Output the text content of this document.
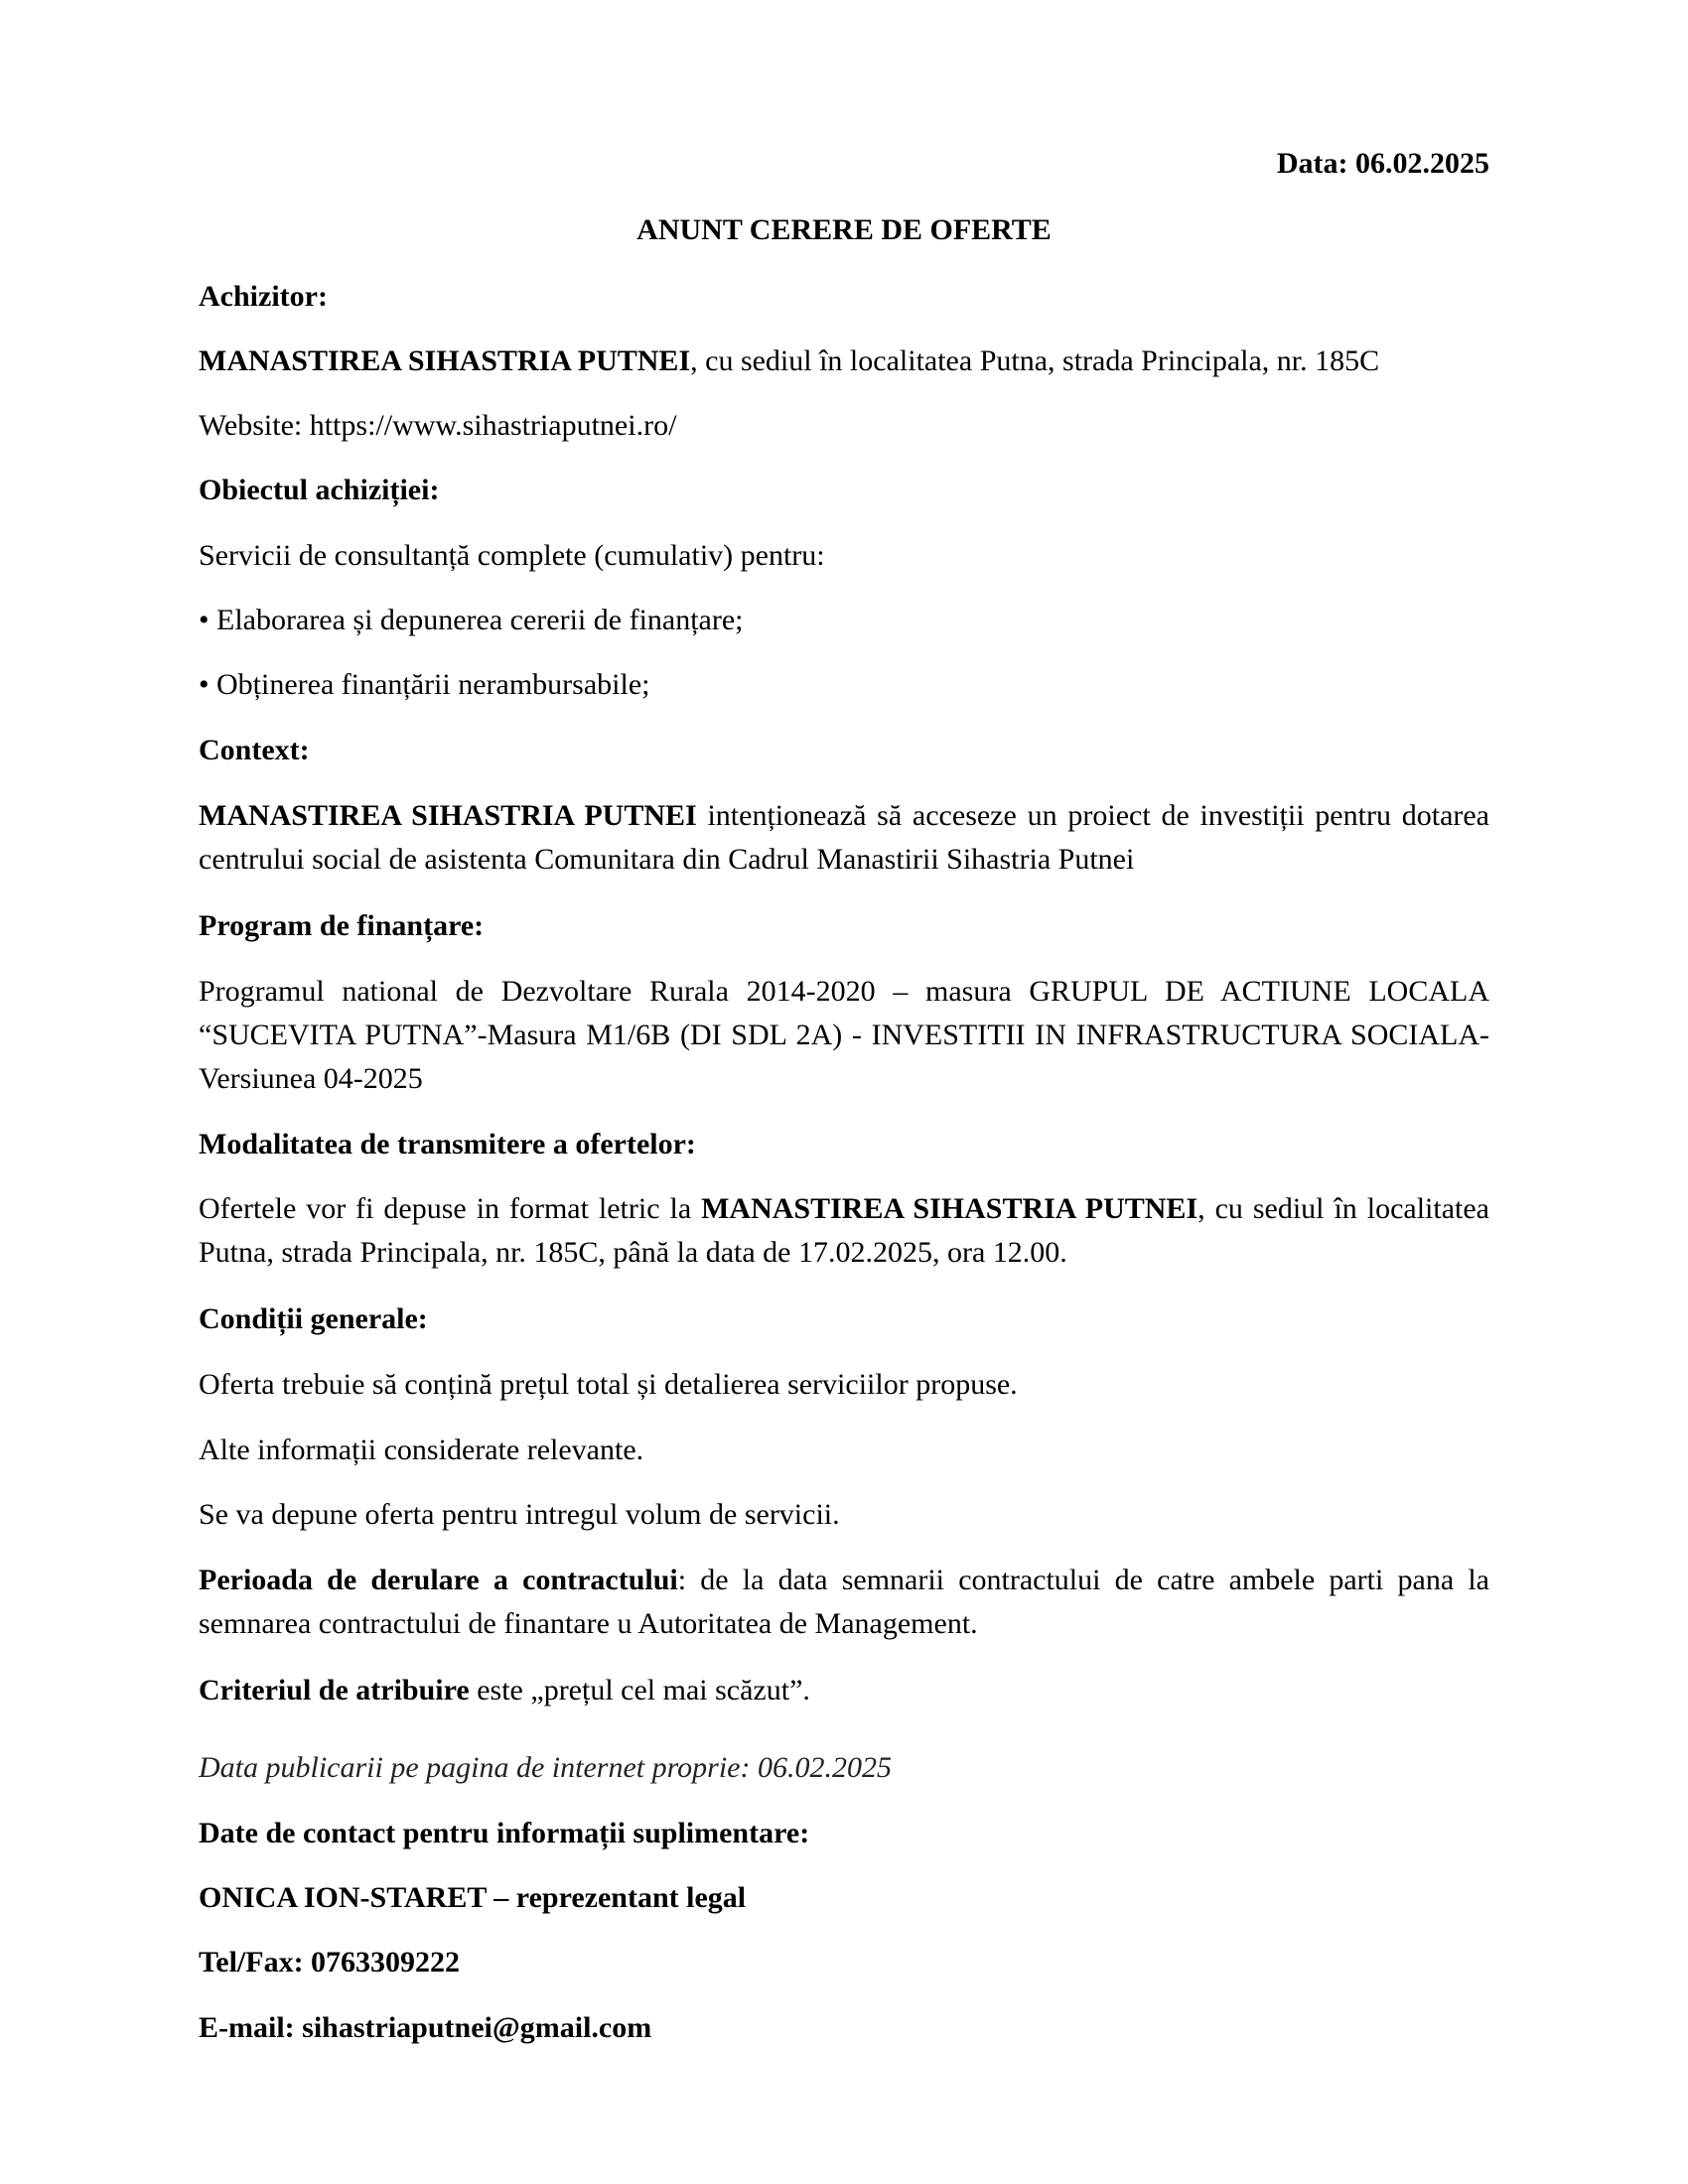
Data: 06.02.2025
ANUNT CERERE DE OFERTE
Achizitor:
MANASTIREA SIHASTRIA PUTNEI, cu sediul în localitatea Putna, strada Principala, nr. 185C
Website: https://www.sihastriaputnei.ro/
Obiectul achiziției:
Servicii de consultanță complete (cumulativ) pentru:
• Elaborarea și depunerea cererii de finanțare;
• Obținerea finanțării nerambursabile;
Context:
MANASTIREA SIHASTRIA PUTNEI intenționează să acceseze un proiect de investiții pentru dotarea centrului social de asistenta Comunitara din Cadrul Manastirii Sihastria Putnei
Program de finanțare:
Programul national de Dezvoltare Rurala 2014-2020 – masura GRUPUL DE ACTIUNE LOCALA “SUCEVITA PUTNA”-Masura M1/6B (DI SDL 2A) - INVESTITII IN INFRASTRUCTURA SOCIALA-Versiunea 04-2025
Modalitatea de transmitere a ofertelor:
Ofertele vor fi depuse in format letric la MANASTIREA SIHASTRIA PUTNEI, cu sediul în localitatea Putna, strada Principala, nr. 185C, până la data de 17.02.2025, ora 12.00.
Condiții generale:
Oferta trebuie să conțină prețul total și detalierea serviciilor propuse.
Alte informații considerate relevante.
Se va depune oferta pentru intregul volum de servicii.
Perioada de derulare a contractului: de la data semnarii contractului de catre ambele parti pana la semnarea contractului de finantare u Autoritatea de Management.
Criteriul de atribuire este „prețul cel mai scăzut”.
Data publicarii pe pagina de internet proprie: 06.02.2025
Date de contact pentru informații suplimentare:
ONICA ION-STARET – reprezentant legal
Tel/Fax: 0763309222
E-mail: sihastriaputnei@gmail.com
